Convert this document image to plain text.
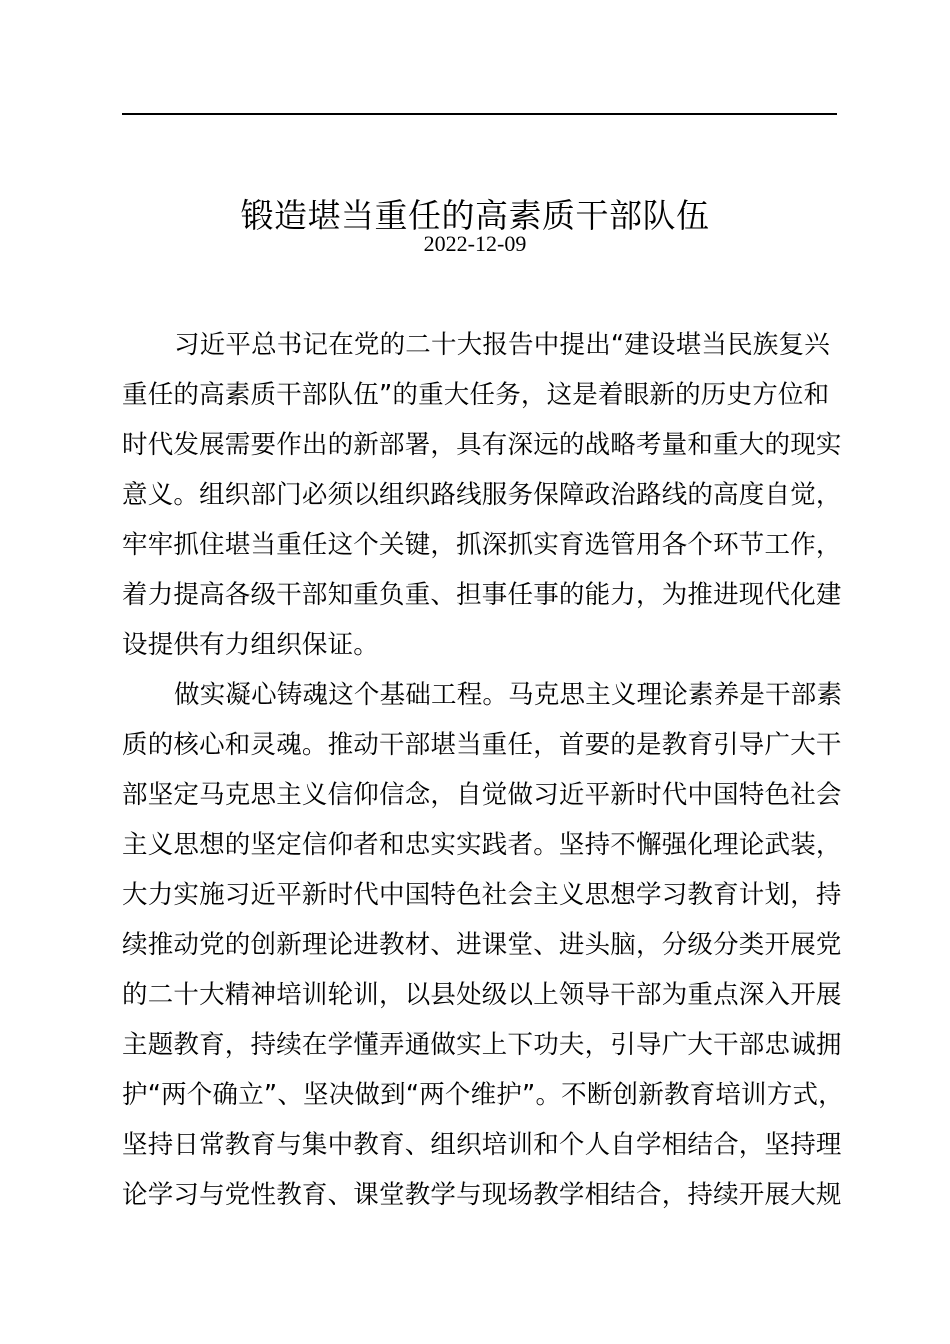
锻造堪当重任的高素质干部队伍
2022-12-09
习近平总书记在党的二十大报告中提出“建设堪当民族复兴
重任的高素质干部队伍”的重大任务，这是着眼新的历史方位和
时代发展需要作出的新部署，具有深远的战略考量和重大的现实
意义。组织部门必须以组织路线服务保障政治路线的高度自觉，
牢牢抓住堪当重任这个关键，抓深抓实育选管用各个环节工作，
着力提高各级干部知重负重、担事任事的能力，为推进现代化建
设提供有力组织保证。
做实凝心铸魂这个基础工程。马克思主义理论素养是干部素
质的核心和灵魂。推动干部堪当重任，首要的是教育引导广大干
部坚定马克思主义信仰信念，自觉做习近平新时代中国特色社会
主义思想的坚定信仰者和忠实实践者。坚持不懈强化理论武装，
大力实施习近平新时代中国特色社会主义思想学习教育计划，持
续推动党的创新理论进教材、进课堂、进头脑，分级分类开展党
的二十大精神培训轮训，以县处级以上领导干部为重点深入开展
主题教育，持续在学懂弄通做实上下功夫，引导广大干部忠诚拥
护“两个确立”、坚决做到“两个维护”。不断创新教育培训方式，
坚持日常教育与集中教育、组织培训和个人自学相结合，坚持理
论学习与党性教育、课堂教学与现场教学相结合，持续开展大规
